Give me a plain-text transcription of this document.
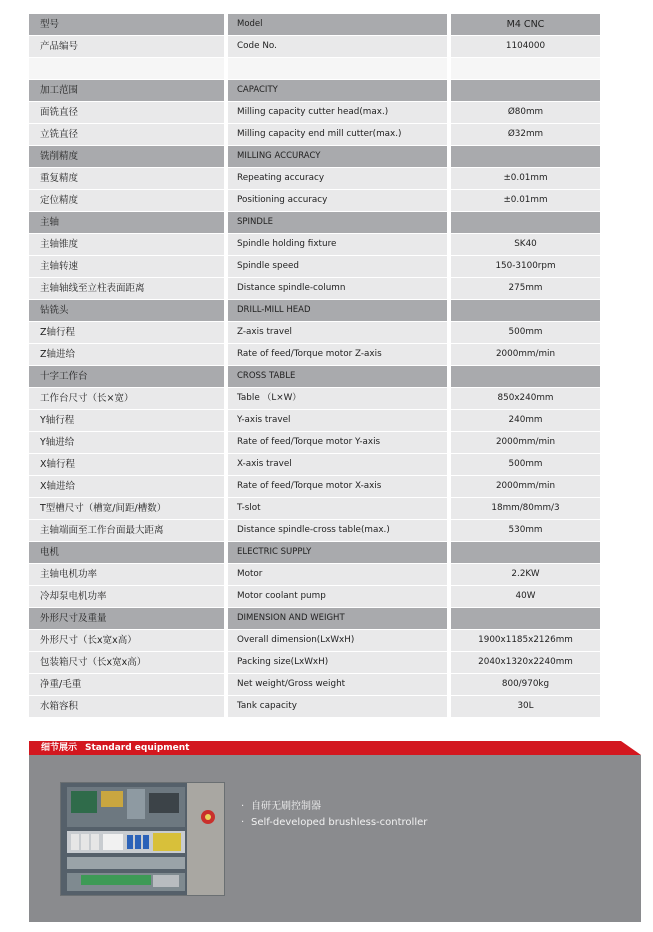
型号	Model	M4 CNC
产品编号	Code No.	1104000
加工范围	CAPACITY
面铣直径	Milling capacity cutter head(max.)	Ø80mm
立铣直径	Milling capacity end mill cutter(max.)	Ø32mm
铣削精度	MILLING ACCURACY
重复精度	Repeating accuracy	±0.01mm
定位精度	Positioning accuracy	±0.01mm
主轴	SPINDLE
主轴锥度	Spindle holding fixture	SK40
主轴转速	Spindle speed	150-3100rpm
主轴轴线至立柱表面距离	Distance spindle-column	275mm
钻铣头	DRILL-MILL HEAD
Z轴行程	Z-axis travel	500mm
Z轴进给	Rate of feed/Torque motor Z-axis	2000mm/min
十字工作台	CROSS TABLE
工作台尺寸（长×宽）	Table （L×W）	850x240mm
Y轴行程	Y-axis travel	240mm
Y轴进给	Rate of feed/Torque motor Y-axis	2000mm/min
X轴行程	X-axis travel	500mm
X轴进给	Rate of feed/Torque motor X-axis	2000mm/min
T型槽尺寸（槽宽/间距/槽数）	T-slot	18mm/80mm/3
主轴端面至工作台面最大距离	Distance spindle-cross table(max.)	530mm
电机	ELECTRIC SUPPLY
主轴电机功率	Motor	2.2KW
冷却泵电机功率	Motor coolant pump	40W
外形尺寸及重量	DIMENSION AND WEIGHT
外形尺寸（长x宽x高）	Overall dimension(LxWxH)	1900x1185x2126mm
包装箱尺寸（长x宽x高）	Packing size(LxWxH)	2040x1320x2240mm
净重/毛重	Net weight/Gross weight	800/970kg
水箱容积	Tank capacity	30L
细节展示 Standard equipment
· 自研无刷控制器
· Self-developed brushless-controller
